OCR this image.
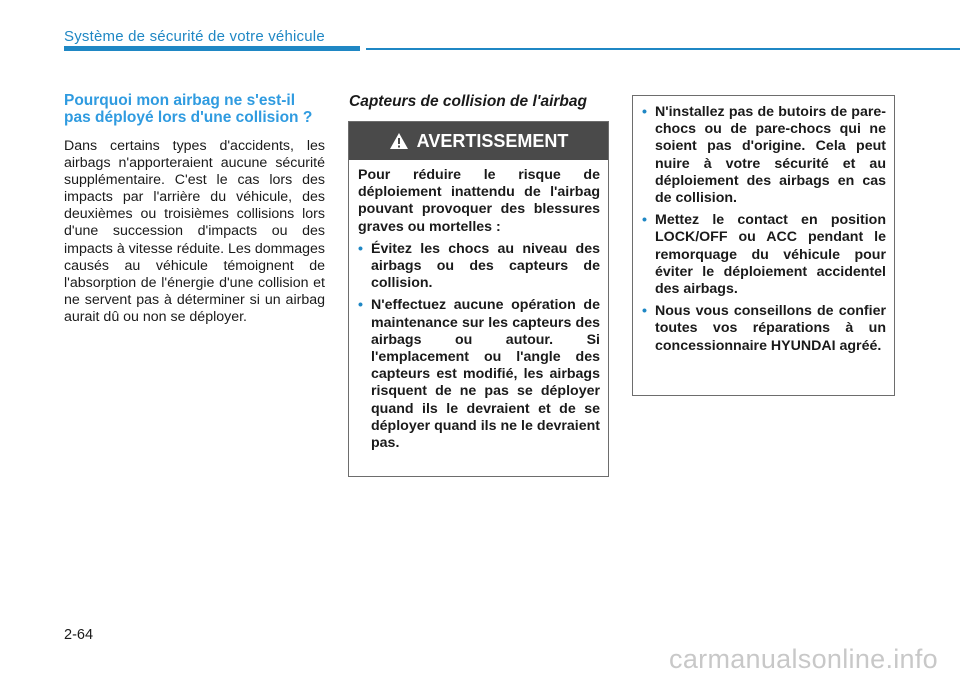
Système de sécurité de votre véhicule
Pourquoi mon airbag ne s'est-il pas déployé lors d'une collision ?

Dans certains types d'accidents, les airbags n'apporteraient aucune sécurité supplémentaire. C'est le cas lors des impacts par l'arrière du véhicule, des deuxièmes ou troisièmes collisions lors d'une succession d'impacts ou des impacts à vitesse réduite. Les dommages causés au véhicule témoignent de l'absorption de l'énergie d'une collision et ne servent pas à déterminer si un airbag aurait dû ou non se déployer.

Capteurs de collision de l'airbag
AVERTISSEMENT

Pour réduire le risque de déploiement inattendu de l'airbag pouvant provoquer des blessures graves ou mortelles :

• Évitez les chocs au niveau des airbags ou des capteurs de collision.
• N'effectuez aucune opération de maintenance sur les capteurs des airbags ou autour. Si l'emplacement ou l'angle des capteurs est modifié, les airbags risquent de ne pas se déployer quand ils le devraient et de se déployer quand ils ne le devraient pas.
• N'installez pas de butoirs de pare-chocs ou de pare-chocs qui ne soient pas d'origine. Cela peut nuire à votre sécurité et au déploiement des airbags en cas de collision.
• Mettez le contact en position LOCK/OFF ou ACC pendant le remorquage du véhicule pour éviter le déploiement accidentel des airbags.
• Nous vous conseillons de confier toutes vos réparations à un concessionnaire HYUNDAI agréé.
2-64
carmanualsonline.info
